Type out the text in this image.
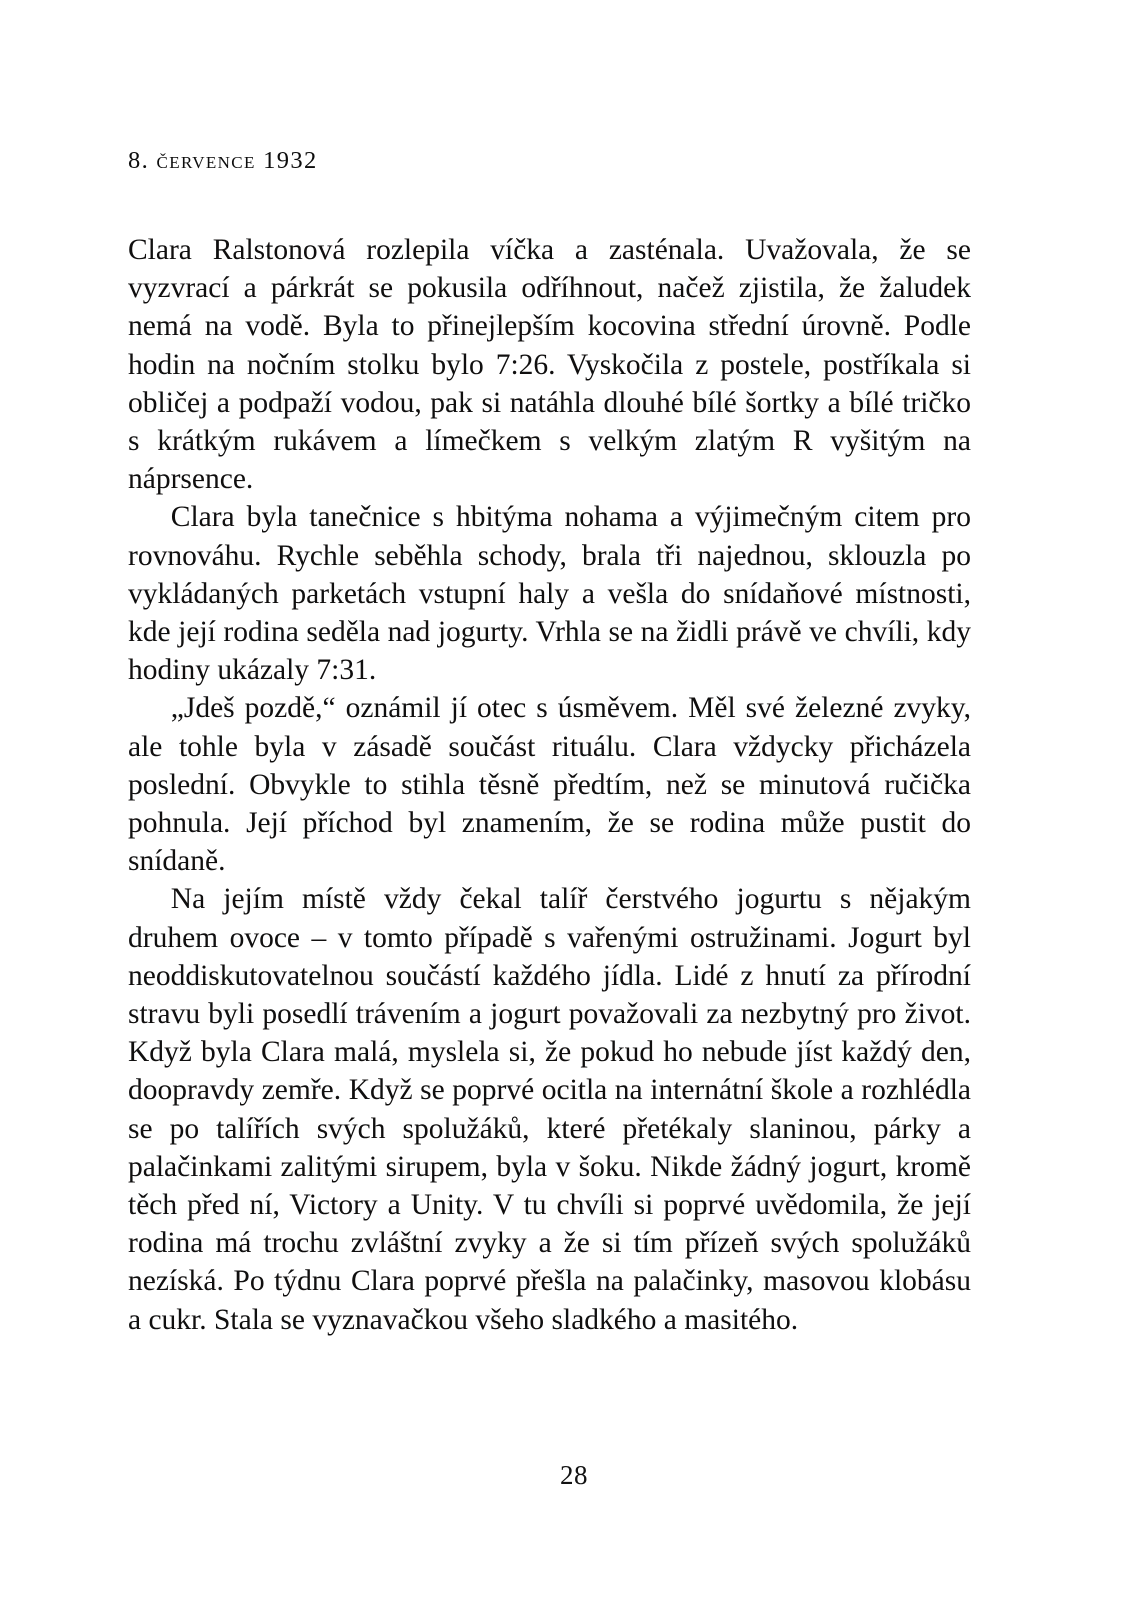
8. července 1932

Clara Ralstonová rozlepila víčka a zasténala. Uvažovala, že se vyzvrací a párkrát se pokusila odříhnout, načež zjistila, že žaludek nemá na vodě. Byla to přinejlepším kocovina střední úrovně. Podle hodin na nočním stolku bylo 7:26. Vyskočila z postele, postříkala si obličej a podpaží vodou, pak si natáhla dlouhé bílé šortky a bílé tričko s krátkým rukávem a límečkem s velkým zlatým R vyšitým na náprsence.

Clara byla tanečnice s hbitýma nohama a výjimečným citem pro rovnováhu. Rychle seběhla schody, brala tři najednou, sklouzla po vykládaných parketách vstupní haly a vešla do snídaňové místnosti, kde její rodina seděla nad jogurty. Vrhla se na židli právě ve chvíli, kdy hodiny ukázaly 7:31.

„Jdeš pozdě,“ oznámil jí otec s úsměvem. Měl své železné zvyky, ale tohle byla v zásadě součást rituálu. Clara vždycky přicházela poslední. Obvykle to stihla těsně předtím, než se minutová ručička pohnula. Její příchod byl znamením, že se rodina může pustit do snídaně.

Na jejím místě vždy čekal talíř čerstvého jogurtu s nějakým druhem ovoce – v tomto případě s vařenými ostružinami. Jogurt byl neoddiskutovatelnou součástí každého jídla. Lidé z hnutí za přírodní stravu byli posedlí trávením a jogurt považovali za nezbytný pro život. Když byla Clara malá, myslela si, že pokud ho nebude jíst každý den, doopravdy zemře. Když se poprvé ocitla na internátní škole a rozhlédla se po talířích svých spolužáků, které přetékaly slaninou, párky a palačinkami zalitými sirupem, byla v šoku. Nikde žádný jogurt, kromě těch před ní, Victory a Unity. V tu chvíli si poprvé uvědomila, že její rodina má trochu zvláštní zvyky a že si tím přízeň svých spolužáků nezíská. Po týdnu Clara poprvé přešla na palačinky, masovou klobásu a cukr. Stala se vyznavačkou všeho sladkého a masitého.

28
